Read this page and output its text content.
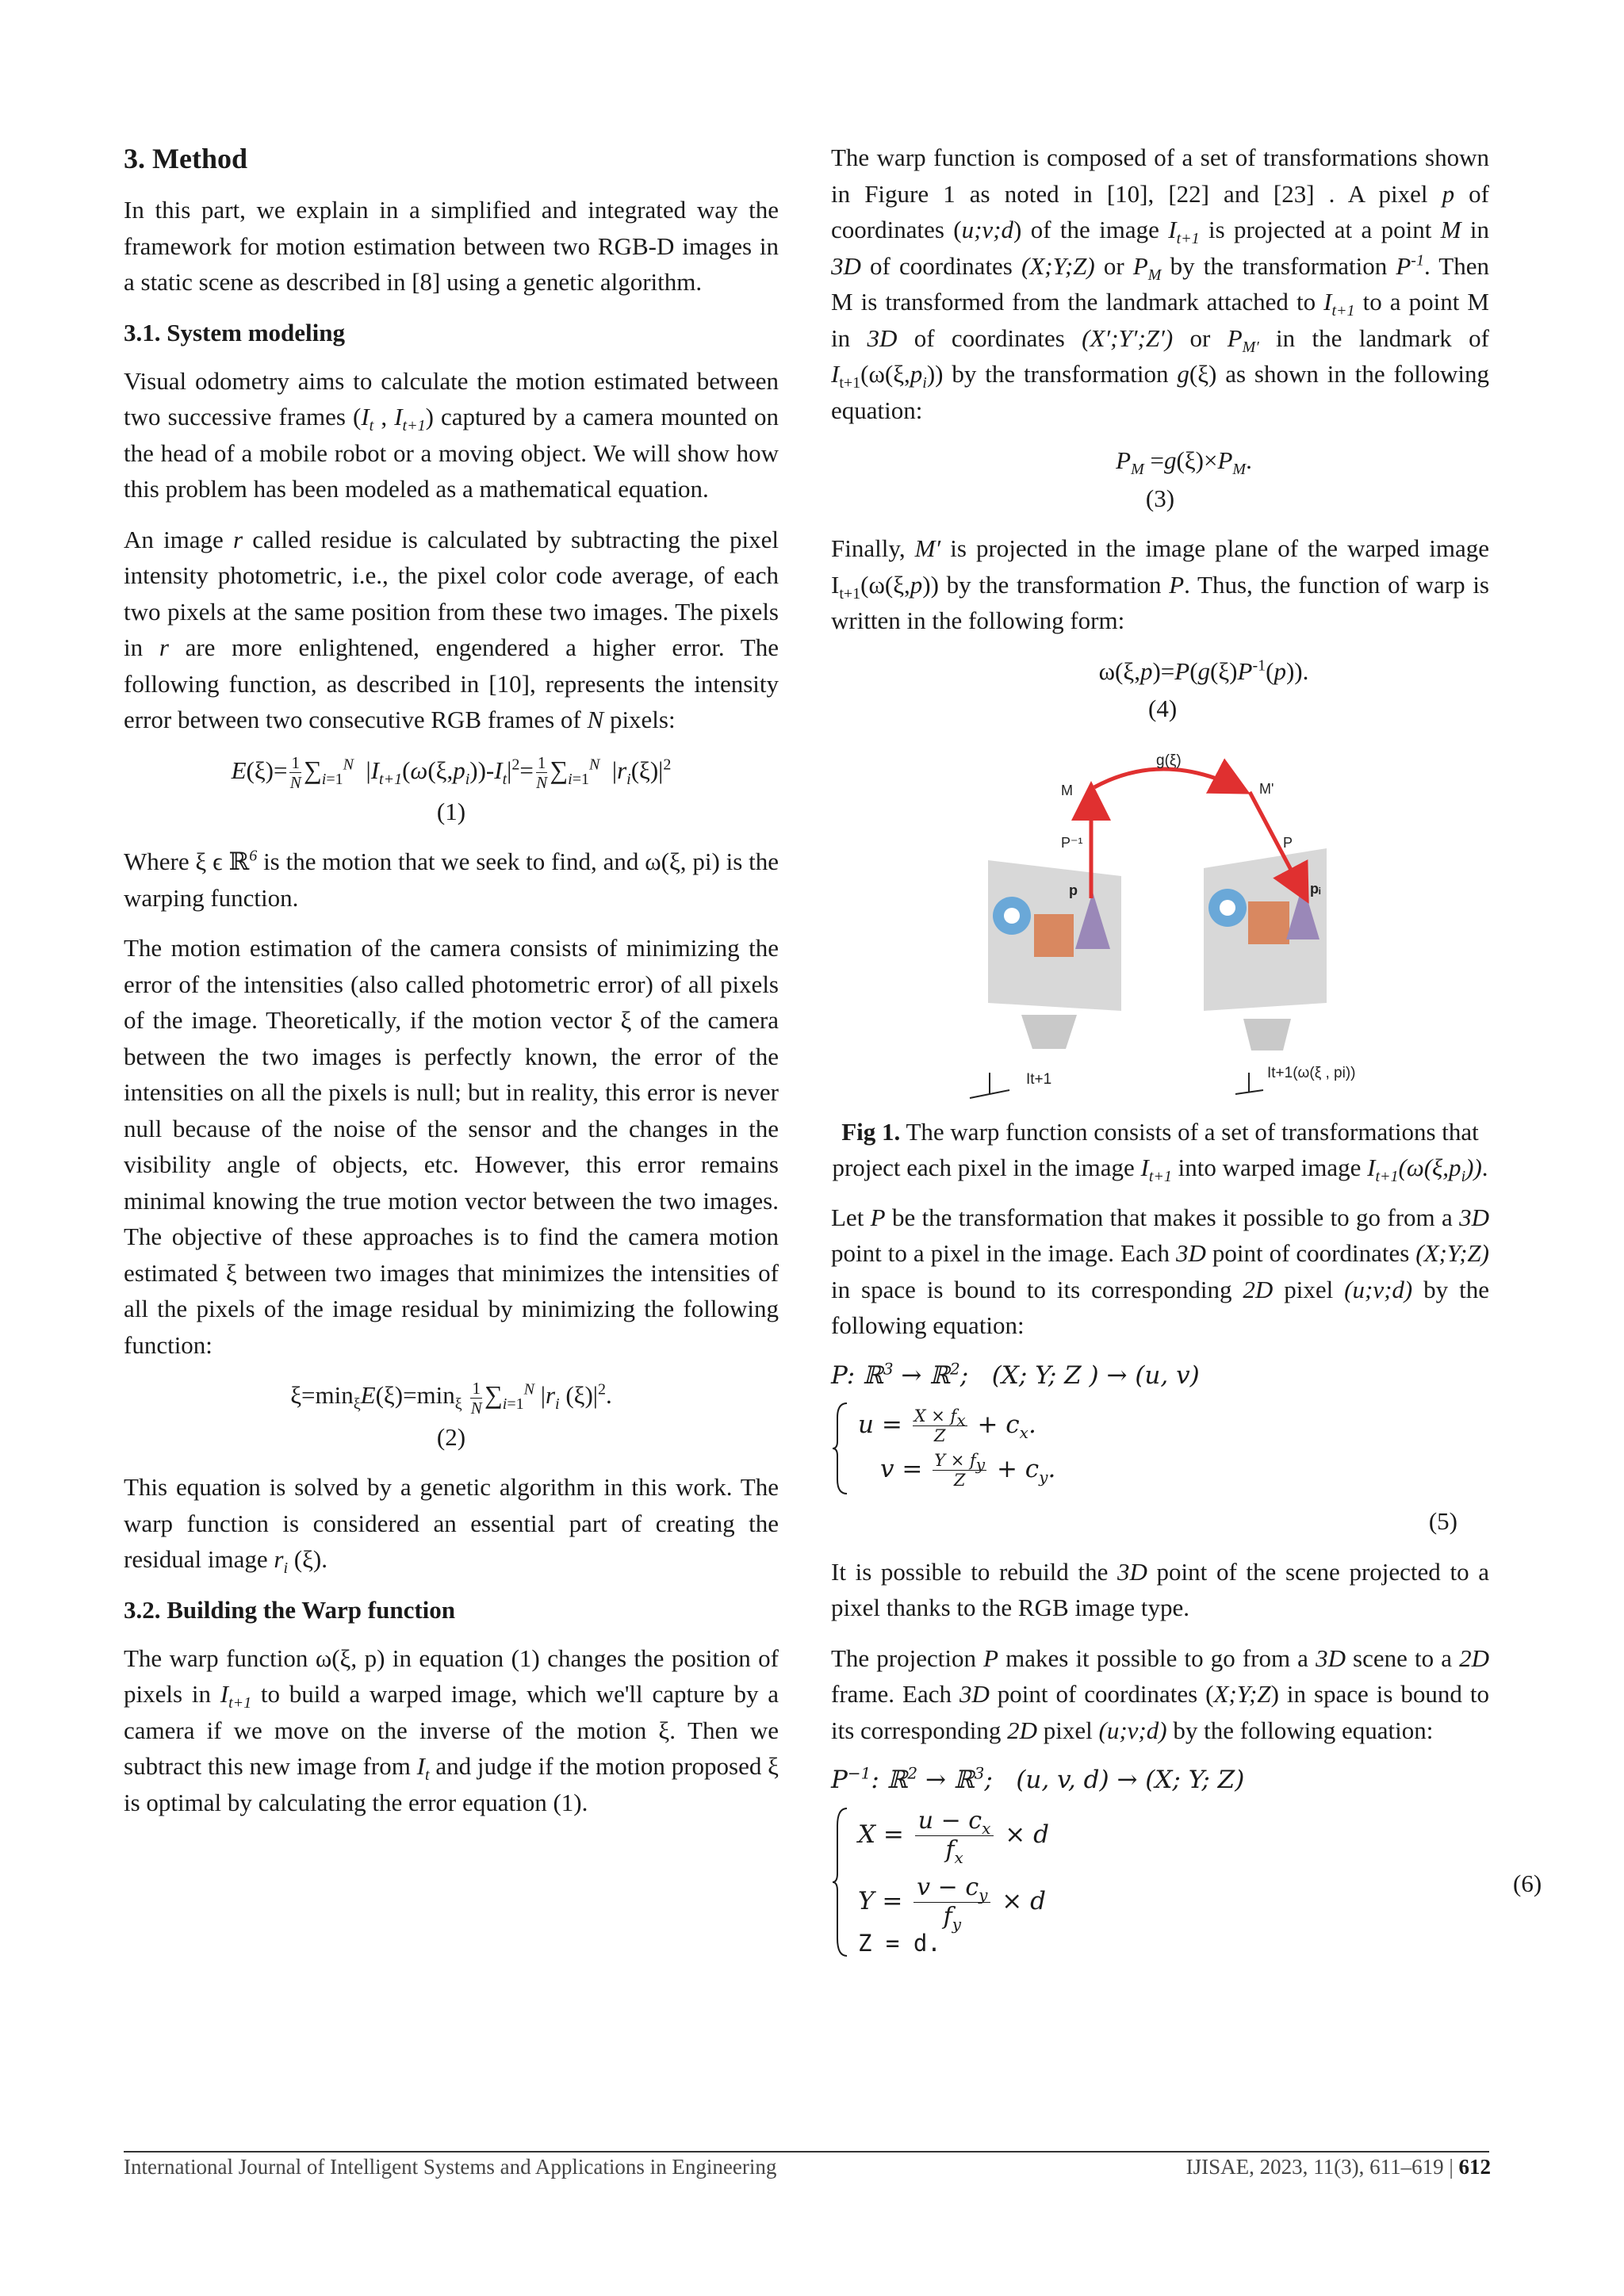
3. Method

In this part, we explain in a simplified and integrated way the framework for motion estimation between two RGB-D images in a static scene as described in [8] using a genetic algorithm.

3.1. System modeling

Visual odometry aims to calculate the motion estimated between two successive frames ($I_t$ , $I_{t+1}$) captured by a camera mounted on the head of a mobile robot or a moving object. We will show how this problem has been modeled as a mathematical equation.

An image r called residue is calculated by subtracting the pixel intensity photometric, i.e., the pixel color code average, of each two pixels at the same position from these two images. The pixels in r are more enlightened, engendered a higher error. The following function, as described in [10], represents the intensity error between two consecutive RGB frames of N pixels:

$E(\xi)= \frac{1}{N} \sum_{i=1}^N$  $|I_{t+1}(\omega(\xi,p_i))-I_t|^2= \frac{1}{N} \sum_{i=1}^N$  $|r_i(\xi)|^2$
(1)

Where ξ ϵ ℝ$^6$ is the motion that we seek to find, and ω(ξ, pi) is the warping function.

The motion estimation of the camera consists of minimizing the error of the intensities (also called photometric error) of all pixels of the image. Theoretically, if the motion vector ξ of the camera between the two images is perfectly known, the error of the intensities on all the pixels is null; but in reality, this error is never null because of the noise of the sensor and the changes in the visibility angle of objects, etc. However, this error remains minimal knowing the true motion vector between the two images. The objective of these approaches is to find the camera motion estimated ξ between two images that minimizes the intensities of all the pixels of the image residual by minimizing the following function:

$\xi=\min_\xi E(\xi)=\min_\xi \frac{1}{N} \sum_{i=1}^N$ $|r_i$ $(\xi)|^2$.
(2)

This equation is solved by a genetic algorithm in this work. The warp function is considered an essential part of creating the residual image $r_i$ (ξ).

3.2. Building the Warp function

The warp function ω(ξ, p) in equation (1) changes the position of pixels in $I_{t+1}$ to build a warped image, which we'll capture by a camera if we move on the inverse of the motion ξ. Then we subtract this new image from $I_t$ and judge if the motion proposed ξ is optimal by calculating the error equation (1).

The warp function is composed of a set of transformations shown in Figure 1 as noted in [10], [22] and [23] . A pixel p of coordinates (u;v;d) of the image $I_{t+1}$ is projected at a point M in 3D of coordinates (X;Y;Z) or $P_M$ by the transformation $P^{-1}$. Then M is transformed from the landmark attached to $I_{t+1}$ to a point M in 3D of coordinates (X′;Y′;Z′) or $P_{M'}$ in the landmark of $I_{t+1}(\omega(\xi,p_i))$ by the transformation g(ξ) as shown in the following equation:

$P_M =g(\xi)\times P_M$.
(3)

Finally, M′ is projected in the image plane of the warped image $I_{t+1}(\omega(\xi,p))$ by the transformation P. Thus, the function of warp is written in the following form:

$\omega(\xi,p)=P(g(\xi)P^{-1}(p))$.
(4)
g(ξ)
M	M'
P⁻¹	P
p	pᵢ
It+1	It+1(ω(ξ , pi))
Fig 1. The warp function consists of a set of transformations that project each pixel in the image $I_{t+1}$ into warped image $I_{t+1}(\omega(\xi,p_i))$.

Let P be the transformation that makes it possible to go from a 3D point to a pixel in the image. Each 3D point of coordinates (X;Y;Z) in space is bound to its corresponding 2D pixel (u;v;d) by the following equation:

P: ℝ$^3$ → ℝ$^2$;   (X; Y; Z ) → (u, v)
$u = \frac{X \times f_x}{Z} + c_x$.
$v = \frac{Y \times f_y}{Z} + c_y$.
(5)

It is possible to rebuild the 3D point of the scene projected to a pixel thanks to the RGB image type.

The projection P makes it possible to go from a 3D scene to a 2D frame. Each 3D point of coordinates (X;Y;Z) in space is bound to its corresponding 2D pixel (u;v;d) by the following equation:

$P^{-1}$: ℝ$^2$ → ℝ$^3$;   (u, v, d) → (X; Y; Z)
$X = \frac{u - c_x}{f_x} \times d$
$Y = \frac{v - c_y}{f_y} \times d$
Z = d.
(6)
International Journal of Intelligent Systems and Applications in Engineering	IJISAE, 2023, 11(3), 611–619 | 612
